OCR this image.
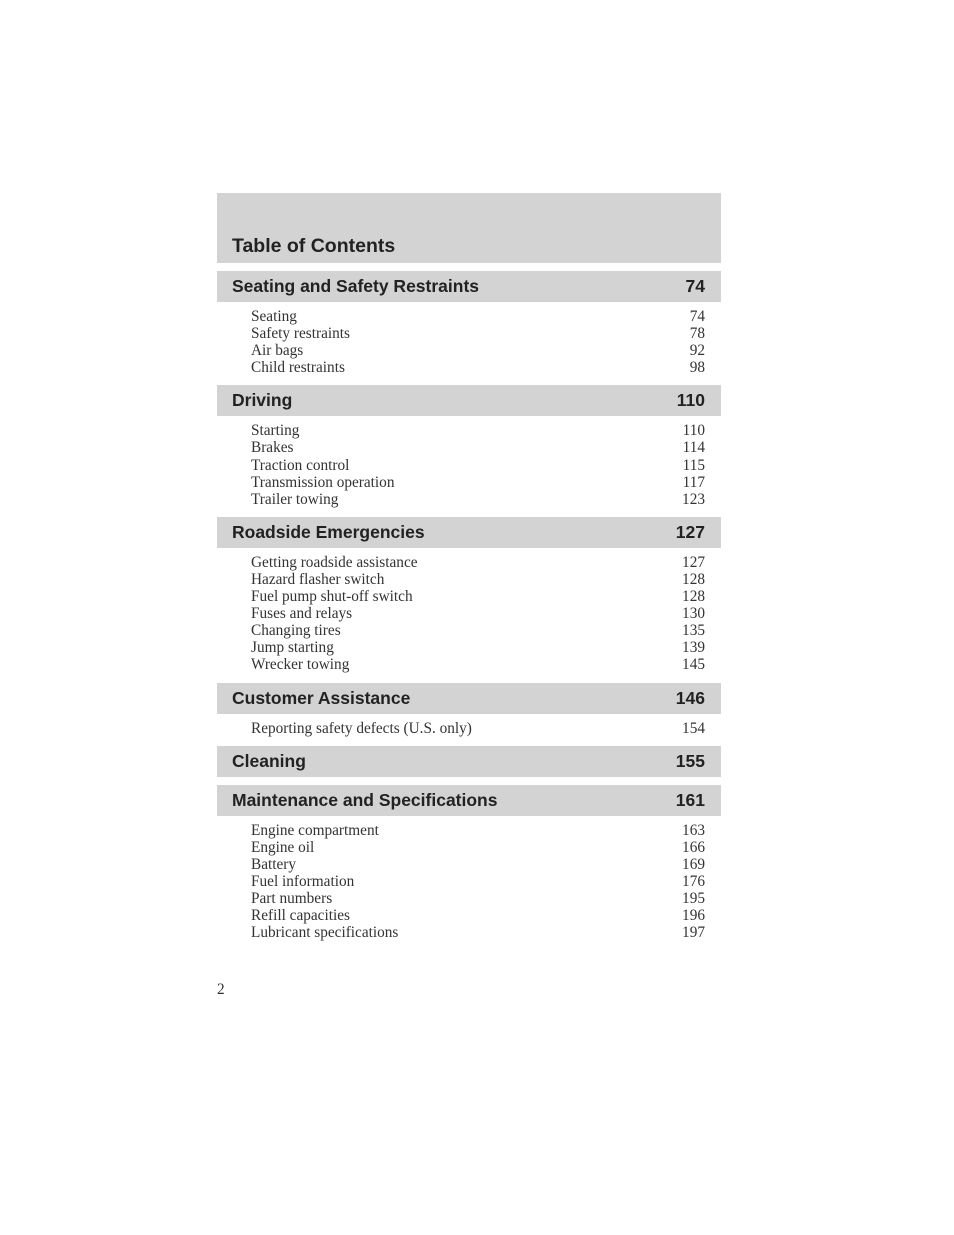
Table of Contents
Seating and Safety Restraints	74
Seating	74
Safety restraints	78
Air bags	92
Child restraints	98
Driving	110
Starting	110
Brakes	114
Traction control	115
Transmission operation	117
Trailer towing	123
Roadside Emergencies	127
Getting roadside assistance	127
Hazard flasher switch	128
Fuel pump shut-off switch	128
Fuses and relays	130
Changing tires	135
Jump starting	139
Wrecker towing	145
Customer Assistance	146
Reporting safety defects (U.S. only)	154
Cleaning	155
Maintenance and Specifications	161
Engine compartment	163
Engine oil	166
Battery	169
Fuel information	176
Part numbers	195
Refill capacities	196
Lubricant specifications	197
2
